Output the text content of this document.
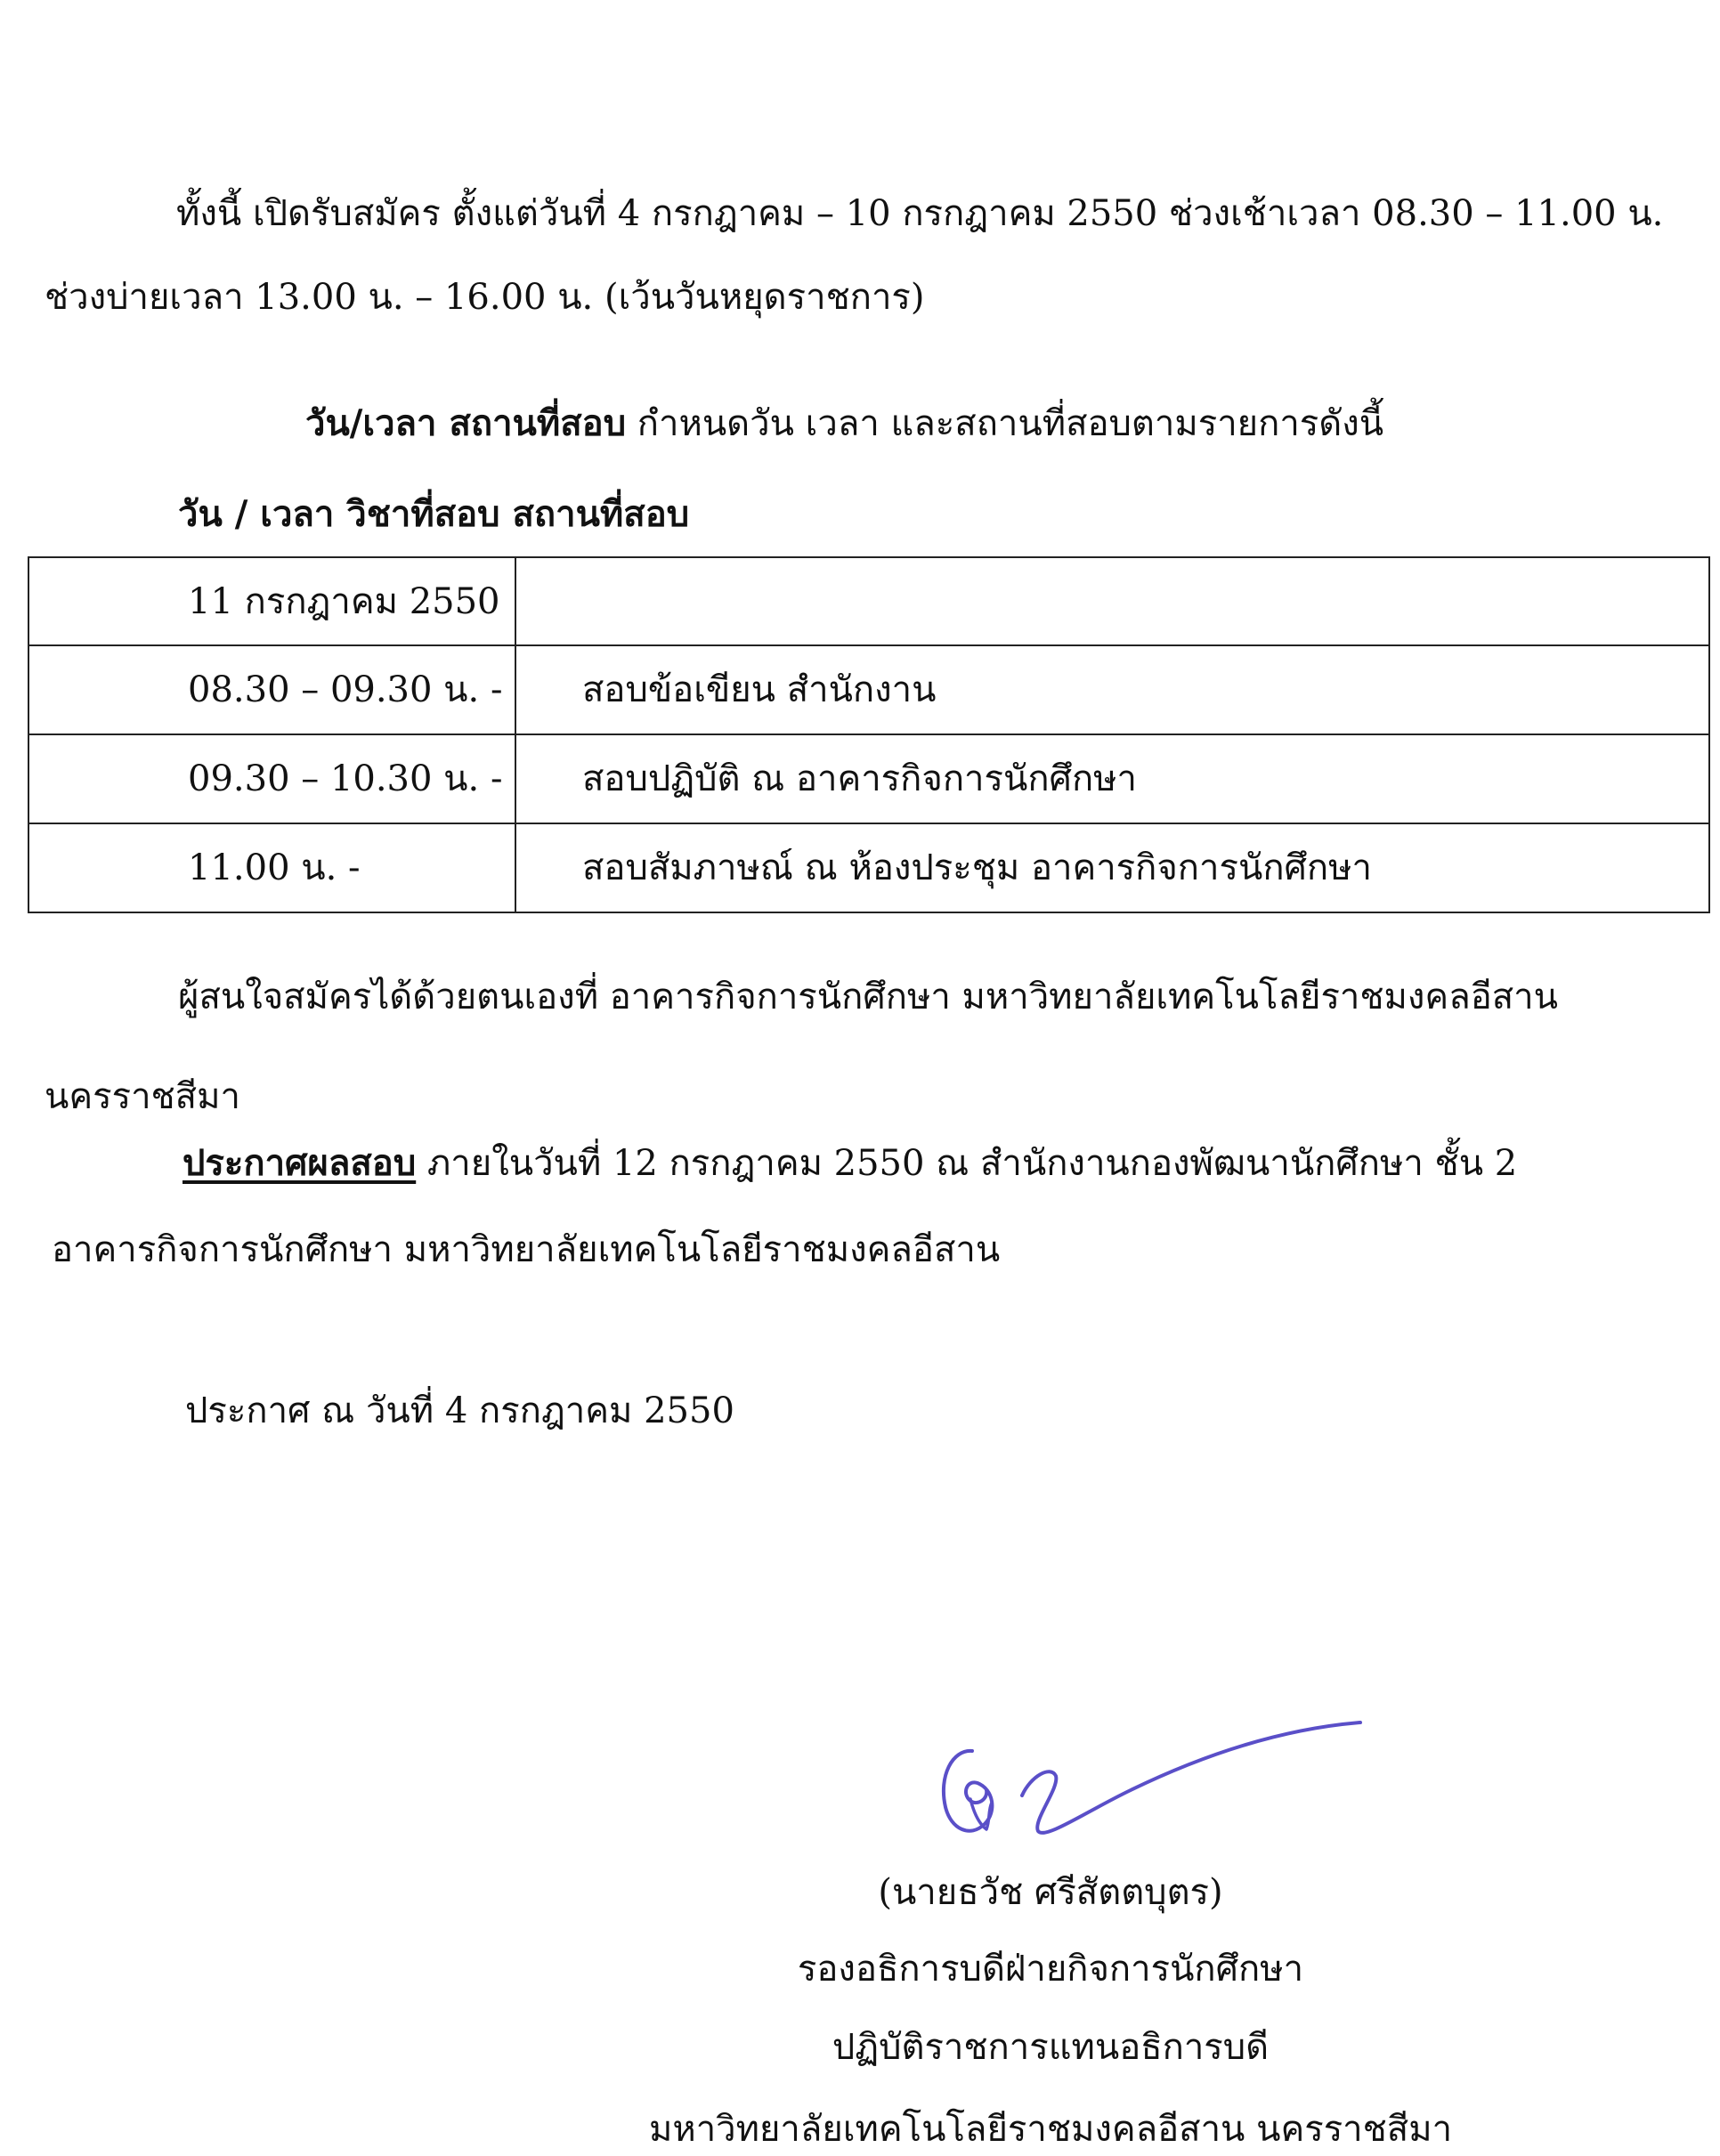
ทั้งนี้ เปิดรับสมัคร ตั้งแต่วันที่ 4 กรกฎาคม – 10 กรกฎาคม 2550 ช่วงเช้าเวลา 08.30 – 11.00 น.
ช่วงบ่ายเวลา 13.00 น. – 16.00 น. (เว้นวันหยุดราชการ)
วัน/เวลา สถานที่สอบ กำหนดวัน เวลา และสถานที่สอบตามรายการดังนี้
วัน / เวลา วิชาที่สอบ สถานที่สอบ
11 กรกฎาคม 2550	
08.30 – 09.30 น. -	สอบข้อเขียน สำนักงาน
09.30 – 10.30 น. -	สอบปฏิบัติ ณ อาคารกิจการนักศึกษา
11.00 น. -	สอบสัมภาษณ์ ณ ห้องประชุม อาคารกิจการนักศึกษา
ผู้สนใจสมัครได้ด้วยตนเองที่ อาคารกิจการนักศึกษา มหาวิทยาลัยเทคโนโลยีราชมงคลอีสาน
นครราชสีมา
ประกาศผลสอบ ภายในวันที่ 12 กรกฎาคม 2550 ณ สำนักงานกองพัฒนานักศึกษา ชั้น 2
อาคารกิจการนักศึกษา มหาวิทยาลัยเทคโนโลยีราชมงคลอีสาน
ประกาศ ณ วันที่ 4 กรกฎาคม 2550
(นายธวัช ศรีสัตตบุตร)
รองอธิการบดีฝ่ายกิจการนักศึกษา
ปฏิบัติราชการแทนอธิการบดี
มหาวิทยาลัยเทคโนโลยีราชมงคลอีสาน นครราชสีมา
